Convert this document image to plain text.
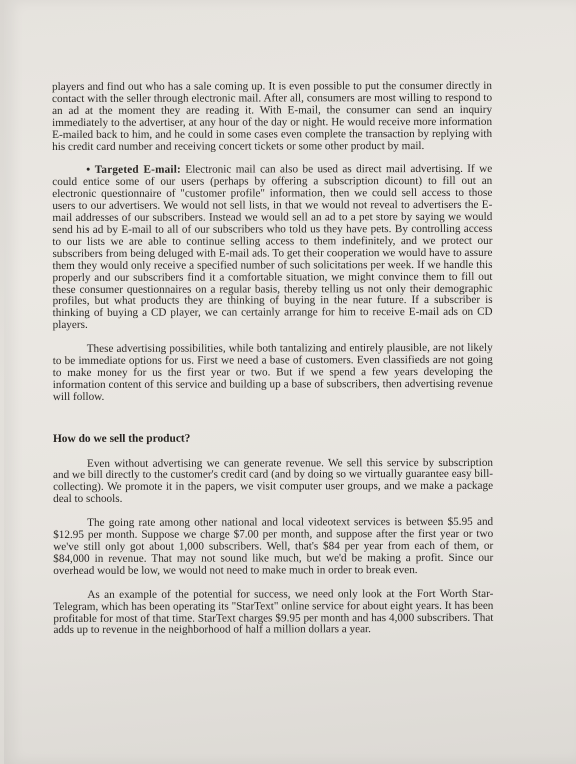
players and find out who has a sale coming up. It is even possible to put the consumer directly in contact with the seller through electronic mail. After all, consumers are most willing to respond to an ad at the moment they are reading it. With E-mail, the consumer can send an inquiry immediately to the advertiser, at any hour of the day or night. He would receive more information E-mailed back to him, and he could in some cases even complete the transaction by replying with his credit card number and receiving concert tickets or some other product by mail.

• Targeted E-mail: Electronic mail can also be used as direct mail advertising. If we could entice some of our users (perhaps by offering a subscription dicount) to fill out an electronic questionnaire of "customer profile" information, then we could sell access to those users to our advertisers. We would not sell lists, in that we would not reveal to advertisers the E-mail addresses of our subscribers. Instead we would sell an ad to a pet store by saying we would send his ad by E-mail to all of our subscribers who told us they have pets. By controlling access to our lists we are able to continue selling access to them indefinitely, and we protect our subscribers from being deluged with E-mail ads. To get their cooperation we would have to assure them they would only receive a specified number of such solicitations per week. If we handle this properly and our subscribers find it a comfortable situation, we might convince them to fill out these consumer questionnaires on a regular basis, thereby telling us not only their demographic profiles, but what products they are thinking of buying in the near future. If a subscriber is thinking of buying a CD player, we can certainly arrange for him to receive E-mail ads on CD players.

These advertising possibilities, while both tantalizing and entirely plausible, are not likely to be immediate options for us. First we need a base of customers. Even classifieds are not going to make money for us the first year or two. But if we spend a few years developing the information content of this service and building up a base of subscribers, then advertising revenue will follow.

How do we sell the product?

Even without advertising we can generate revenue. We sell this service by subscription and we bill directly to the customer's credit card (and by doing so we virtually guarantee easy bill-collecting). We promote it in the papers, we visit computer user groups, and we make a package deal to schools.

The going rate among other national and local videotext services is between $5.95 and $12.95 per month. Suppose we charge $7.00 per month, and suppose after the first year or two we've still only got about 1,000 subscribers. Well, that's $84 per year from each of them, or $84,000 in revenue. That may not sound like much, but we'd be making a profit. Since our overhead would be low, we would not need to make much in order to break even.

As an example of the potential for success, we need only look at the Fort Worth Star-Telegram, which has been operating its "StarText" online service for about eight years. It has been profitable for most of that time. StarText charges $9.95 per month and has 4,000 subscribers. That adds up to revenue in the neighborhood of half a million dollars a year.
